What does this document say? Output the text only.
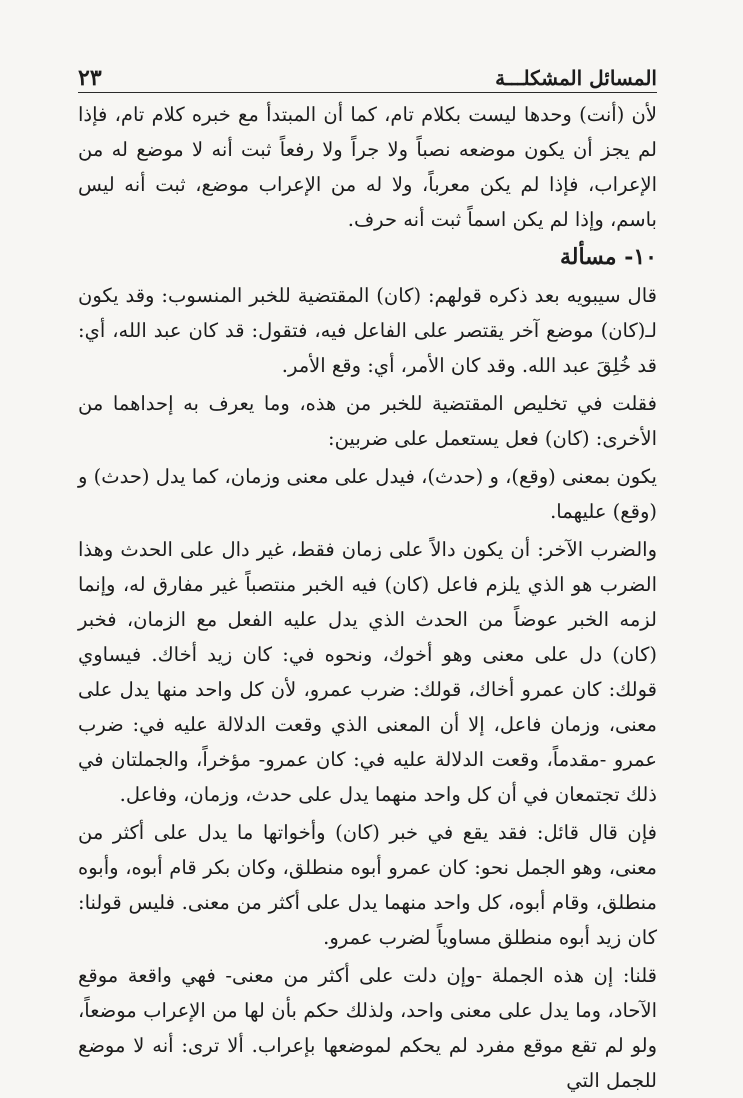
المسائل المشكلـــة
٢٣

لأن (أنت) وحدها ليست بكلام تام، كما أن المبتدأ مع خبره كلام تام، فإذا لم يجز أن يكون موضعه نصباً ولا جراً ولا رفعاً ثبت أنه لا موضع له من الإعراب، فإذا لم يكن معرباً، ولا له من الإعراب موضع، ثبت أنه ليس باسم، وإذا لم يكن اسماً ثبت أنه حرف.

١٠- مسألة

قال سيبويه بعد ذكره قولهم: (كان) المقتضية للخبر المنسوب: وقد يكون لـ(كان) موضع آخر يقتصر على الفاعل فيه، فتقول: قد كان عبد الله، أي: قد خُلِقَ عبد الله. وقد كان الأمر، أي: وقع الأمر.

فقلت في تخليص المقتضية للخبر من هذه، وما يعرف به إحداهما من الأخرى: (كان) فعل يستعمل على ضربين:

يكون بمعنى (وقع)، و (حدث)، فيدل على معنى وزمان، كما يدل (حدث) و (وقع) عليهما.

والضرب الآخر: أن يكون دالاً على زمان فقط، غير دال على الحدث وهذا الضرب هو الذي يلزم فاعل (كان) فيه الخبر منتصباً غير مفارق له، وإنما لزمه الخبر عوضاً من الحدث الذي يدل عليه الفعل مع الزمان، فخبر (كان) دل على معنى وهو أخوك، ونحوه في: كان زيد أخاك. فيساوي قولك: كان عمرو أخاك، قولك: ضرب عمرو، لأن كل واحد منها يدل على معنى، وزمان فاعل، إلا أن المعنى الذي وقعت الدلالة عليه في: ضرب عمرو -مقدماً، وقعت الدلالة عليه في: كان عمرو- مؤخراً، والجملتان في ذلك تجتمعان في أن كل واحد منهما يدل على حدث، وزمان، وفاعل.

فإن قال قائل: فقد يقع في خبر (كان) وأخواتها ما يدل على أكثر من معنى، وهو الجمل نحو: كان عمرو أبوه منطلق، وكان بكر قام أبوه، وأبوه منطلق، وقام أبوه، كل واحد منهما يدل على أكثر من معنى. فليس قولنا: كان زيد أبوه منطلق مساوياً لضرب عمرو.

قلنا: إن هذه الجملة -وإن دلت على أكثر من معنى- فهي واقعة موقع الآحاد، وما يدل على معنى واحد، ولذلك حكم بأن لها من الإعراب موضعاً، ولو لم تقع موقع مفرد لم يحكم لموضعها بإعراب. ألا ترى: أنه لا موضع للجمل التي
